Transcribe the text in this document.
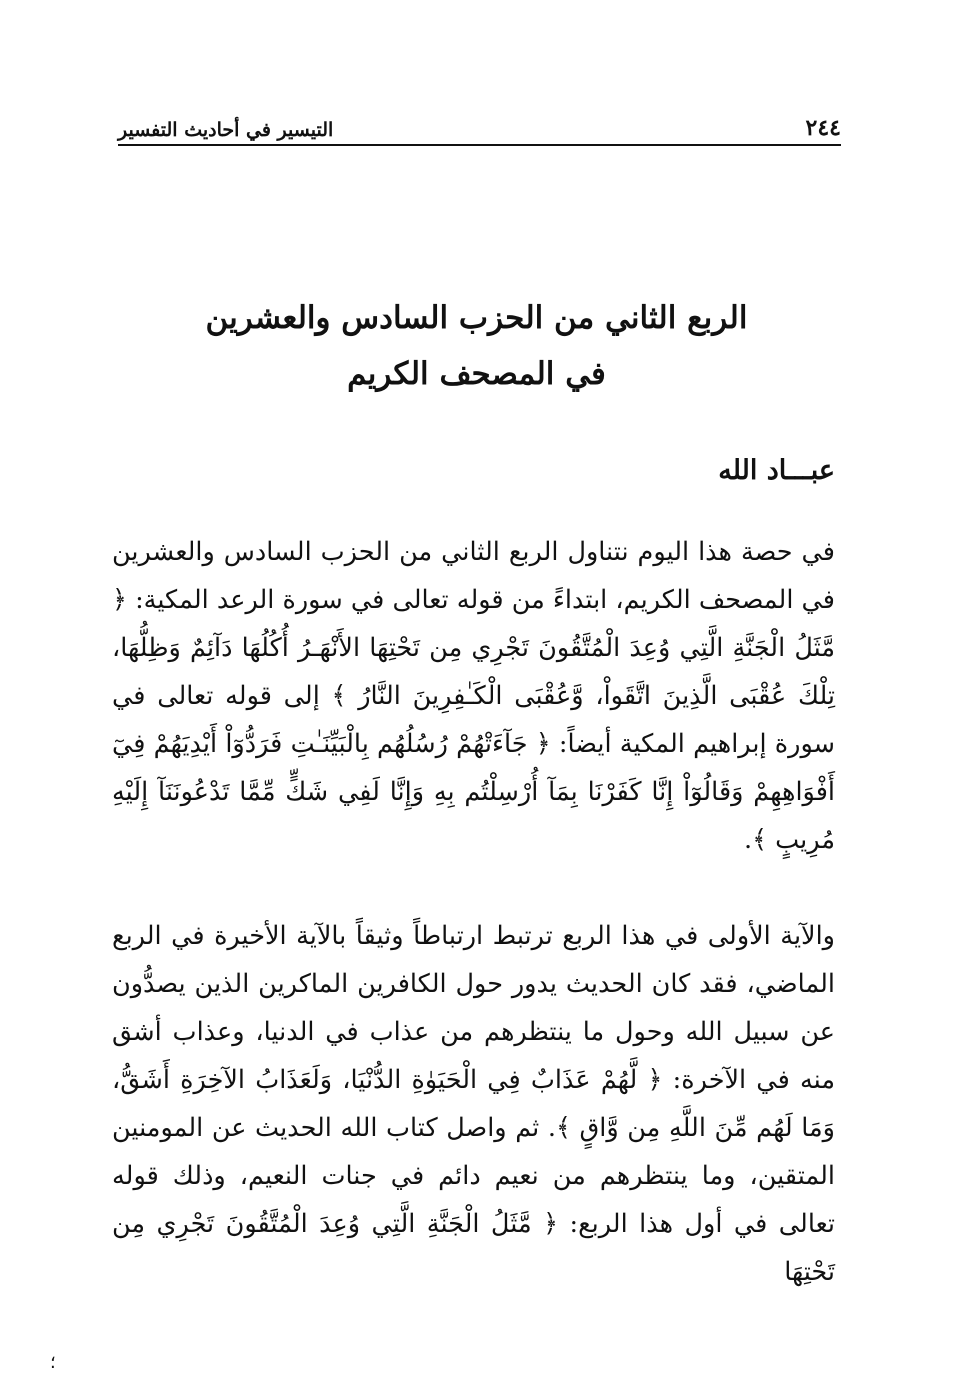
٢٤٤
التيسير في أحاديث التفسير
الربع الثاني من الحزب السادس والعشرين
في المصحف الكريم
عبـــاد الله

في حصة هذا اليوم نتناول الربع الثاني من الحزب السادس والعشرين في المصحف الكريم، ابتداءً من قوله تعالى في سورة الرعد المكية: ﴿ مَّثَلُ الْجَنَّةِ الَّتِي وُعِدَ الْمُتَّقُونَ تَجْرِي مِن تَحْتِهَا الأَنْهَـرُ أُكُلُهَا دَآئِمٌ وَظِلُّهَا، تِلْكَ عُقْبَى الَّذِينَ اتَّقَواْ، وَّعُقْبَى الْكَـٰفِرِينَ النَّارُ ﴾ إلى قوله تعالى في سورة إبراهيم المكية أيضاً: ﴿ جَآءَتْهُمْ رُسُلُهُم بِالْبَيِّنَـٰتِ فَرَدُّوٓاْ أَيْدِيَهُمْ فِيٓ أَفْوَاهِهِمْ وَقَالُوٓاْ إِنَّا كَفَرْنَا بِمَآ أُرْسِلْتُم بِهِ وَإِنَّا لَفِي شَكٍّ مِّمَّا تَدْعُونَنَآ إِلَيْهِ مُرِيبٍ ﴾.

والآية الأولى في هذا الربع ترتبط ارتباطاً وثيقاً بالآية الأخيرة في الربع الماضي، فقد كان الحديث يدور حول الكافرين الماكرين الذين يصدُّون عن سبيل الله وحول ما ينتظرهم من عذاب في الدنيا، وعذاب أشق منه في الآخرة: ﴿ لَّهُمْ عَذَابٌ فِي الْحَيَوٰةِ الدُّنْيَا، وَلَعَذَابُ الآخِرَةِ أَشَقُّ، وَمَا لَهُم مِّنَ اللَّهِ مِن وَّاقٍ ﴾. ثم واصل كتاب الله الحديث عن المومنين المتقين، وما ينتظرهم من نعيم دائم في جنات النعيم، وذلك قوله تعالى في أول هذا الربع: ﴿ مَّثَلُ الْجَنَّةِ الَّتِي وُعِدَ الْمُتَّقُونَ تَجْرِي مِن تَحْتِهَا

؛
